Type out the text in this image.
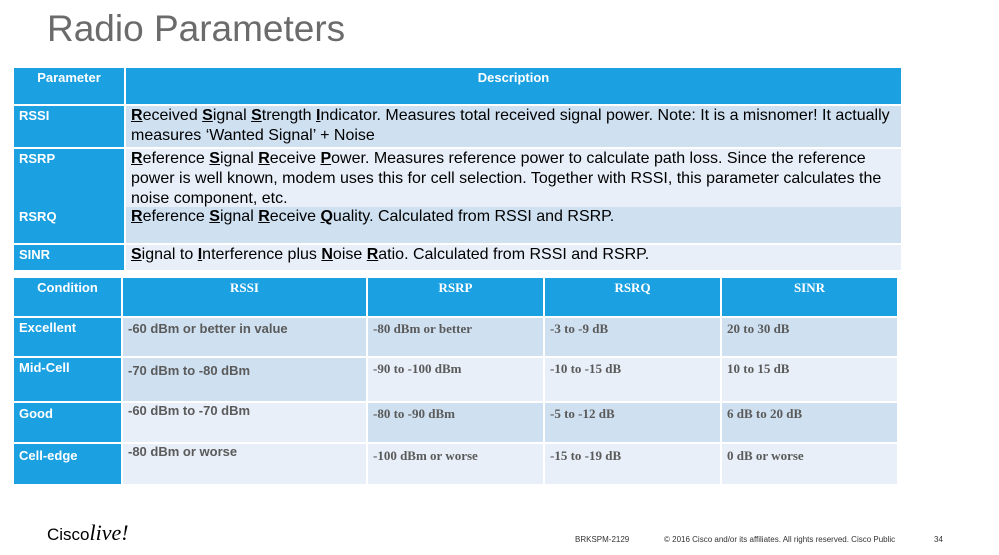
Radio Parameters
Parameter	Description
RSSI	Received Signal Strength Indicator. Measures total received signal power. Note: It is a misnomer! It actually measures ‘Wanted Signal’ + Noise
RSRP	Reference Signal Receive Power. Measures reference power to calculate path loss. Since the reference power is well known, modem uses this for cell selection. Together with RSSI, this parameter calculates the noise component, etc.
RSRQ	Reference Signal Receive Quality. Calculated from RSSI and RSRP.
SINR	Signal to Interference plus Noise Ratio. Calculated from RSSI and RSRP.
Condition	RSSI	RSRP	RSRQ	SINR
Excellent	-60 dBm or better in value	-80 dBm or better	-3 to -9 dB	20 to 30 dB
Mid-Cell	-70 dBm to -80 dBm	-90 to -100 dBm	-10 to -15 dB	10 to 15 dB
Good	-60 dBm to -70 dBm	-80 to -90 dBm	-5 to -12 dB	6 dB to 20 dB
Cell-edge	-80 dBm or worse	-100 dBm or worse	-15 to -19 dB	0 dB or worse
Ciscolive!	BRKSPM-2129	© 2016 Cisco and/or its affiliates. All rights reserved. Cisco Public	34
